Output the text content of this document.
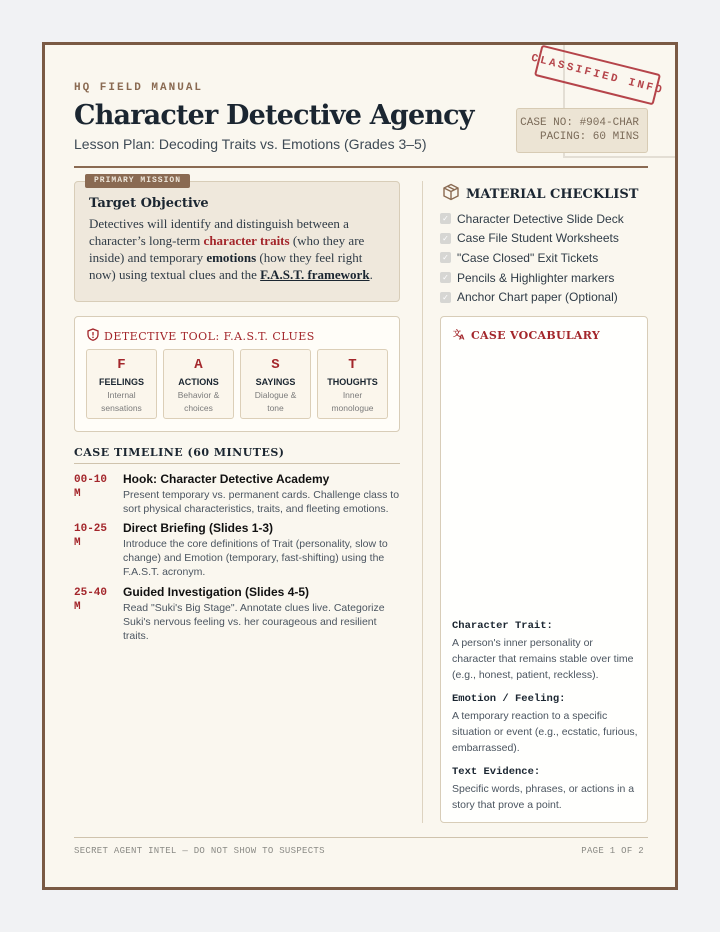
CLASSIFIED INFO
HQ FIELD MANUAL
Character Detective Agency
Lesson Plan: Decoding Traits vs. Emotions (Grades 3–5)
CASE NO: #904-CHAR
PACING: 60 MINS
PRIMARY MISSION
Target Objective

Detectives will identify and distinguish between a character’s long-term character traits (who they are inside) and temporary emotions (how they feel right now) using textual clues and the F.A.S.T. framework.

DETECTIVE TOOL: F.A.S.T. CLUES
F
FEELINGS
Internal
sensations
A
ACTIONS
Behavior &
choices
S
SAYINGS
Dialogue &
tone
T
THOUGHTS
Inner
monologue
CASE TIMELINE (60 MINUTES)
00-10
M
Hook: Character Detective Academy

Present temporary vs. permanent cards. Challenge class to sort physical characteristics, traits, and fleeting emotions.

10-25
M
Direct Briefing (Slides 1-3)

Introduce the core definitions of Trait (personality, slow to change) and Emotion (temporary, fast-shifting) using the F.A.S.T. acronym.

25-40
M
Guided Investigation (Slides 4-5)

Read "Suki's Big Stage". Annotate clues live. Categorize Suki's nervous feeling vs. her courageous and resilient traits.

MATERIAL CHECKLIST
✓ Character Detective Slide Deck
✓ Case File Student Worksheets
✓ "Case Closed" Exit Tickets
✓ Pencils & Highlighter markers
✓ Anchor Chart paper (Optional)
文
A CASE VOCABULARY
Character Trait:
A person's inner personality or character that remains stable over time (e.g., honest, patient, reckless).
Emotion / Feeling:
A temporary reaction to a specific situation or event (e.g., ecstatic, furious, embarrassed).
Text Evidence:
Specific words, phrases, or actions in a story that prove a point.
SECRET AGENT INTEL — DO NOT SHOW TO SUSPECTS	PAGE 1 OF 2
